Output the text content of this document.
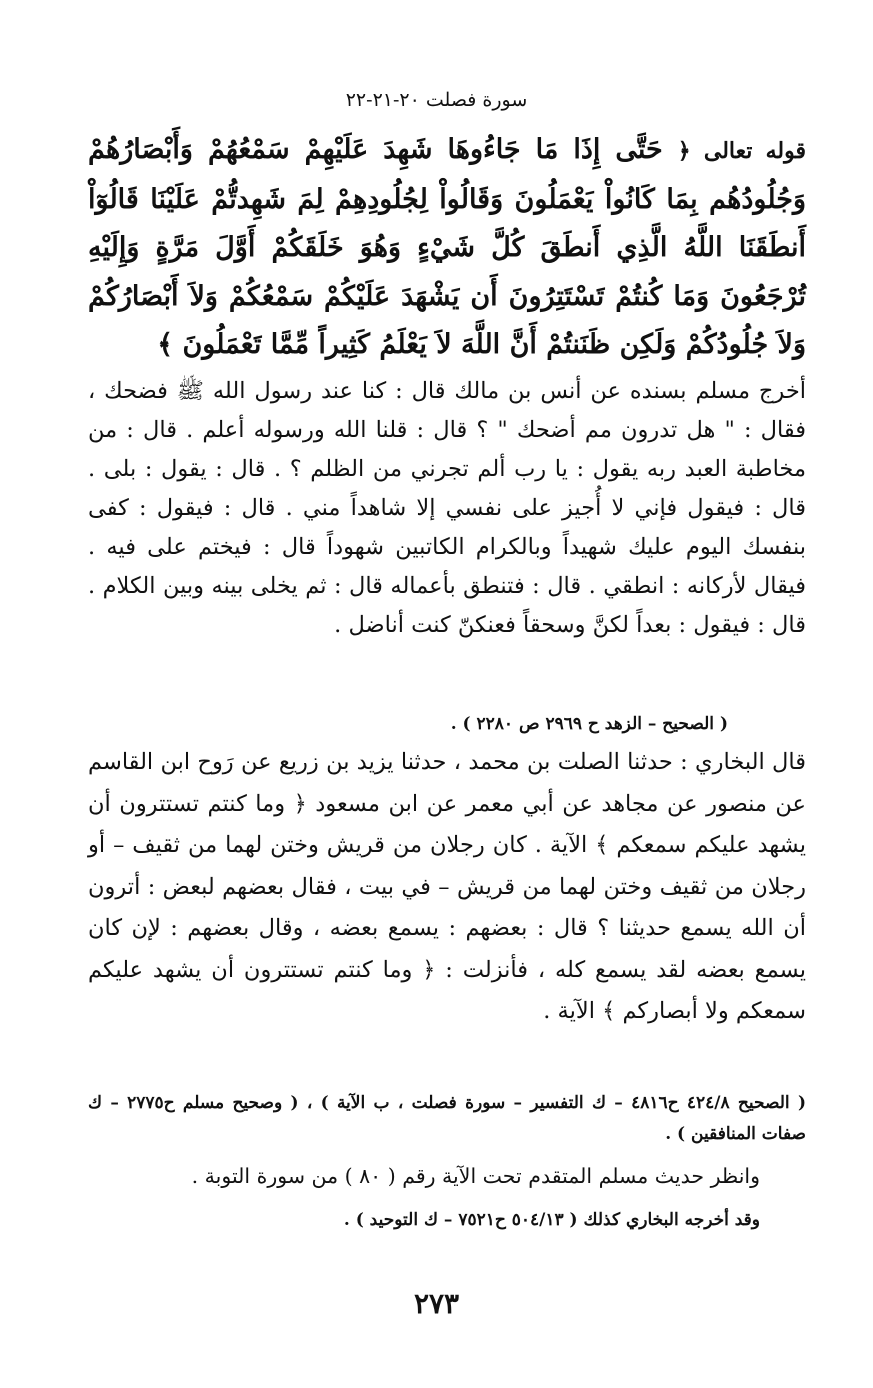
سورة فصلت ٢٠-٢١-٢٢
قوله تعالى ﴿ حَتَّى إِذَا مَا جَاءُوهَا شَهِدَ عَلَيْهِمْ سَمْعُهُمْ وَأَبْصَارُهُمْ وَجُلُودُهُم بِمَا كَانُواْ يَعْمَلُونَ وَقَالُواْ لِجُلُودِهِمْ لِمَ شَهِدتُّمْ عَلَيْنَا قَالُوٓاْ أَنطَقَنَا اللَّهُ الَّذِي أَنطَقَ كُلَّ شَيْءٍ وَهُوَ خَلَقَكُمْ أَوَّلَ مَرَّةٍ وَإِلَيْهِ تُرْجَعُونَ وَمَا كُنتُمْ تَسْتَتِرُونَ أَن يَشْهَدَ عَلَيْكُمْ سَمْعُكُمْ وَلاَ أَبْصَارُكُمْ وَلاَ جُلُودُكُمْ وَلَكِن ظَنَنتُمْ أَنَّ اللَّهَ لاَ يَعْلَمُ كَثِيراً مِّمَّا تَعْمَلُونَ ﴾
أخرج مسلم بسنده عن أنس بن مالك قال : كنا عند رسول الله ﷺ فضحك ، فقال : " هل تدرون مم أضحك " ؟ قال : قلنا الله ورسوله أعلم . قال : من مخاطبة العبد ربه يقول : يا رب ألم تجرني من الظلم ؟ . قال : يقول : بلى . قال : فيقول فإني لا أُجيز على نفسي إلا شاهداً مني . قال : فيقول : كفى بنفسك اليوم عليك شهيداً وبالكرام الكاتبين شهوداً قال : فيختم على فيه . فيقال لأركانه : انطقي . قال : فتنطق بأعماله قال : ثم يخلى بينه وبين الكلام . قال : فيقول : بعداً لكنَّ وسحقاً فعنكنّ كنت أناضل .
( الصحيح – الزهد ح ٢٩٦٩ ص ٢٢٨٠ ) .
قال البخاري : حدثنا الصلت بن محمد ، حدثنا يزيد بن زريع عن رَوح ابن القاسم عن منصور عن مجاهد عن أبي معمر عن ابن مسعود ﴿ وما كنتم تستترون أن يشهد عليكم سمعكم ﴾ الآية . كان رجلان من قريش وختن لهما من ثقيف – أو رجلان من ثقيف وختن لهما من قريش – في بيت ، فقال بعضهم لبعض : أترون أن الله يسمع حديثنا ؟ قال : بعضهم : يسمع بعضه ، وقال بعضهم : لإن كان يسمع بعضه لقد يسمع كله ، فأنزلت : ﴿ وما كنتم تستترون أن يشهد عليكم سمعكم ولا أبصاركم ﴾ الآية .
( الصحيح ٤٢٤/٨ ح٤٨١٦ – ك التفسير – سورة فصلت ، ب الآية ) ، ( وصحيح مسلم ح٢٧٧٥ – ك صفات المنافقين ) .
وانظر حديث مسلم المتقدم تحت الآية رقم ( ٨٠ ) من سورة التوبة .
وقد أخرجه البخاري كذلك ( ٥٠٤/١٣ ح٧٥٢١ – ك التوحيد ) .
٢٧٣
